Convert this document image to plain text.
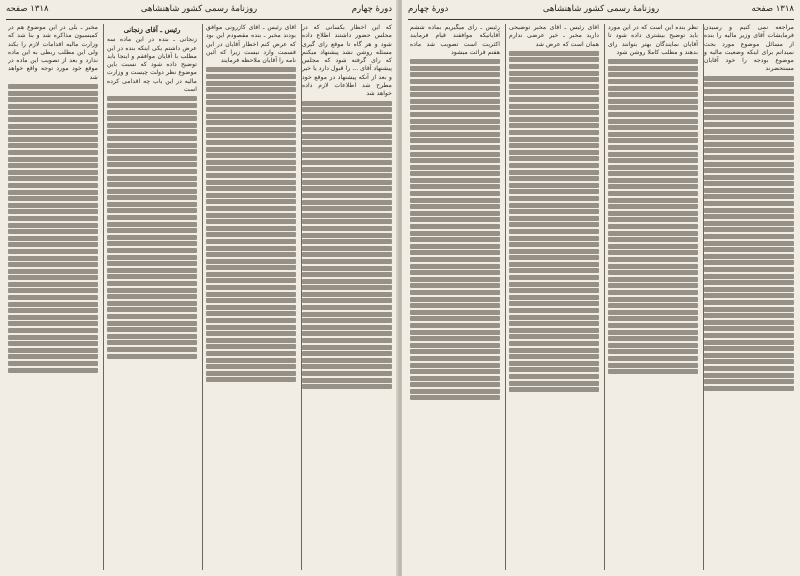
دورهٔ چهارم
روزنامهٔ رسمی کشور شاهنشاهی
۱۳۱۸ صفحه
که این اخطار بکسانی که در مجلس حضور داشتند اطلاع داده شود و هر گاه تا موقع رای گیری مسئله روشن نشد پیشنهاد میکنم که رای گرفته شود که مجلس پیشنهاد آقای ... را قبول دارد یا خیر و بعد از آنکه پیشنهاد در موقع خود مطرح شد اطلاعات لازم داده خواهد شد
آقای رئیس ـ آقای کازرونی موافق بودند مخبر ـ بنده مقصودم این بود که عرض کنم اخطار آقایان در این قسمت وارد نیست زیرا که آئین نامه را آقایان ملاحظه فرمایند
رئیس ـ آقای زنجانی
زنجانی ـ بنده در این ماده سه عرض داشتم یکی اینکه بنده در این مطلب با آقایان موافقم و اینجا باید توضیح داده شود که نسبت باین موضوع نظر دولت چیست و وزارت مالیه در این باب چه اقدامی کرده است
مخبر ـ بلی در این موضوع هم در کمیسیون مذاکره شد و بنا شد که وزارت مالیه اقدامات لازم را بکند ولی این مطلب ربطی به این ماده ندارد و بعد از تصویب این ماده در موقع خود مورد توجه واقع خواهد شد
۱۳۱۸ صفحه
روزنامهٔ رسمی کشور شاهنشاهی
دورهٔ چهارم
مراجعه نمی کنیم و رسیدن فرمایشات آقای وزیر مالیه را بنده از مسائل موضوع مورد بحث نمیدانم برای اینکه وضعیت مالیه و موضوع بودجه را خود آقایان مستحضرند
نظر بنده این است که در این مورد باید توضیح بیشتری داده شود تا آقایان نمایندگان بهتر بتوانند رای بدهند و مطلب کاملا روشن شود
آقای رئیس ـ آقای مخبر توضیحی دارید مخبر ـ خیر عرضی ندارم همان است که عرض شد
رئیس ـ رای میگیریم بماده ششم آقایانیکه موافقند قیام فرمایند اکثریت است تصویب شد ماده هفتم قرائت میشود
